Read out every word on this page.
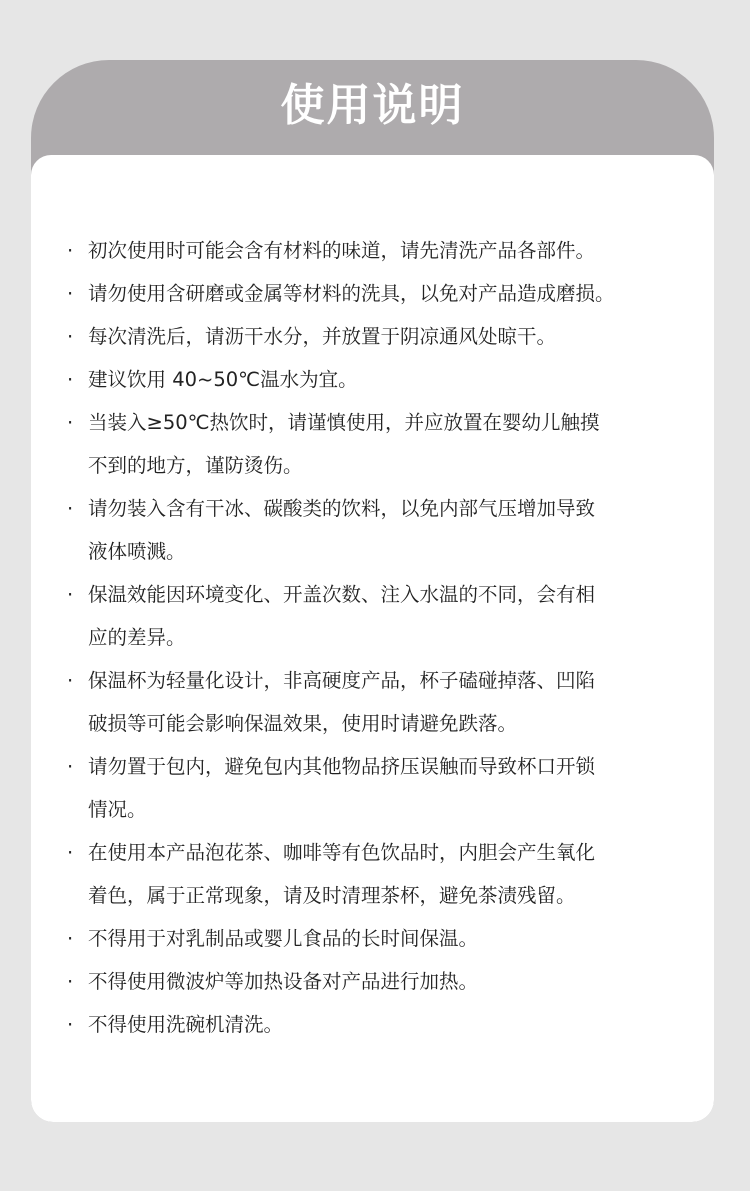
使用说明
· 初次使用时可能会含有材料的味道，请先清洗产品各部件。
· 请勿使用含研磨或金属等材料的洗具，以免对产品造成磨损。
· 每次清洗后，请沥干水分，并放置于阴凉通风处晾干。
· 建议饮用 40~50℃温水为宜。
· 当装入≥50℃热饮时，请谨慎使用，并应放置在婴幼儿触摸
不到的地方，谨防烫伤。
· 请勿装入含有干冰、碳酸类的饮料，以免内部气压增加导致
液体喷溅。
· 保温效能因环境变化、开盖次数、注入水温的不同，会有相
应的差异。
· 保温杯为轻量化设计，非高硬度产品，杯子磕碰掉落、凹陷
破损等可能会影响保温效果，使用时请避免跌落。
· 请勿置于包内，避免包内其他物品挤压误触而导致杯口开锁
情况。
· 在使用本产品泡花茶、咖啡等有色饮品时，内胆会产生氧化
着色，属于正常现象，请及时清理茶杯，避免茶渍残留。
· 不得用于对乳制品或婴儿食品的长时间保温。
· 不得使用微波炉等加热设备对产品进行加热。
· 不得使用洗碗机清洗。
